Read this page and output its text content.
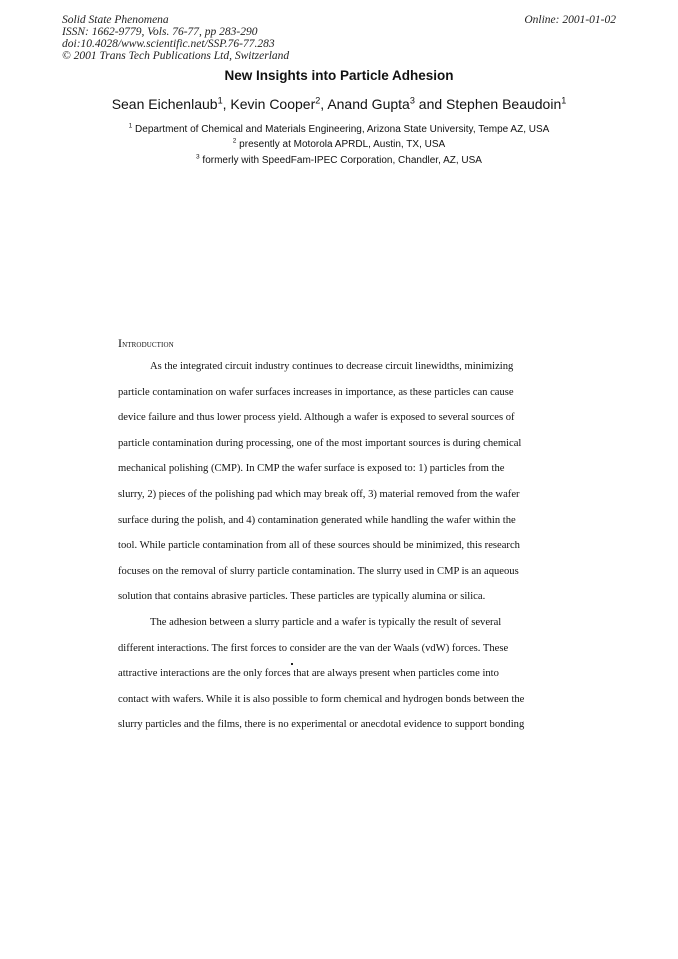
Solid State Phenomena
ISSN: 1662-9779, Vols. 76-77, pp 283-290
doi:10.4028/www.scientific.net/SSP.76-77.283
© 2001 Trans Tech Publications Ltd, Switzerland
Online: 2001-01-02
New Insights into Particle Adhesion
Sean Eichenlaub$^1$, Kevin Cooper$^2$, Anand Gupta$^3$ and Stephen Beaudoin$^1$
$^1$ Department of Chemical and Materials Engineering, Arizona State University, Tempe AZ, USA
$^2$ presently at Motorola APRDL, Austin, TX, USA
$^3$ formerly with SpeedFam-IPEC Corporation, Chandler, AZ, USA
Introduction
As the integrated circuit industry continues to decrease circuit linewidths, minimizing
particle contamination on wafer surfaces increases in importance, as these particles can cause
device failure and thus lower process yield. Although a wafer is exposed to several sources of
particle contamination during processing, one of the most important sources is during chemical
mechanical polishing (CMP). In CMP the wafer surface is exposed to: 1) particles from the
slurry, 2) pieces of the polishing pad which may break off, 3) material removed from the wafer
surface during the polish, and 4) contamination generated while handling the wafer within the
tool. While particle contamination from all of these sources should be minimized, this research
focuses on the removal of slurry particle contamination. The slurry used in CMP is an aqueous
solution that contains abrasive particles. These particles are typically alumina or silica.
The adhesion between a slurry particle and a wafer is typically the result of several
different interactions. The first forces to consider are the van der Waals (vdW) forces. These
attractive interactions are the only forces that are always present when particles come into
contact with wafers. While it is also possible to form chemical and hydrogen bonds between the
slurry particles and the films, there is no experimental or anecdotal evidence to support bonding
